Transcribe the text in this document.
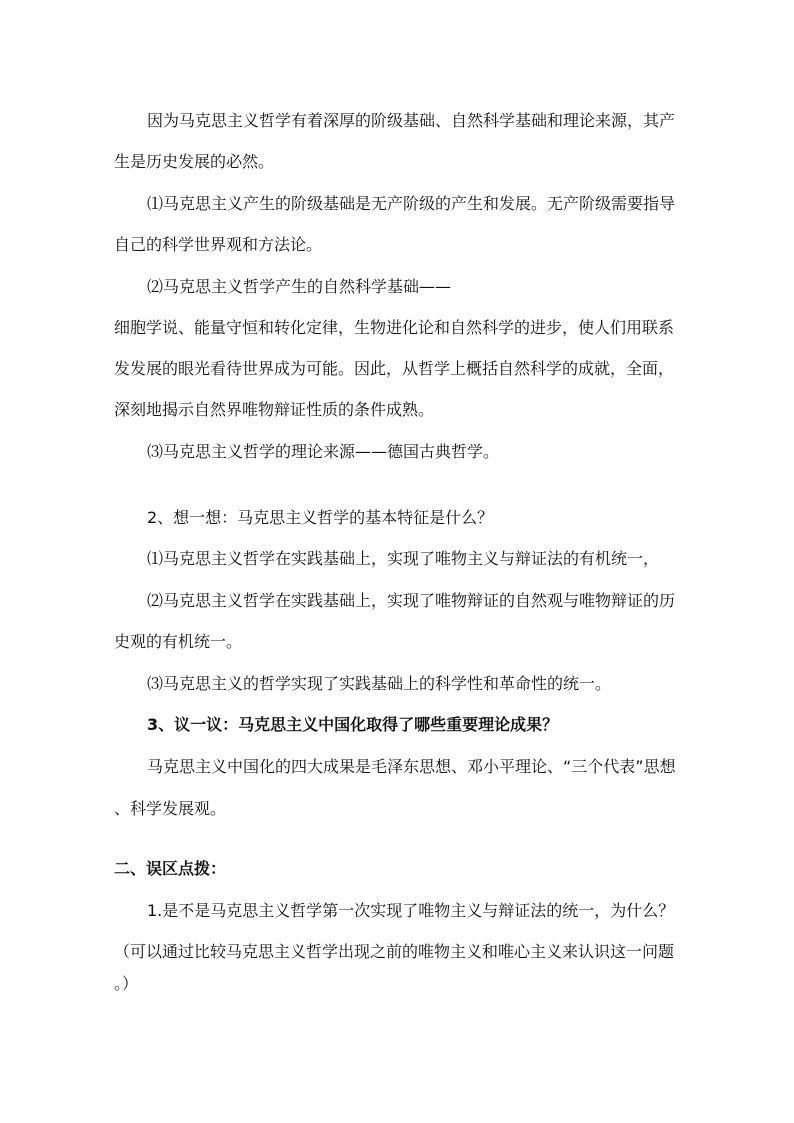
因为马克思主义哲学有着深厚的阶级基础、自然科学基础和理论来源，其产
生是历史发展的必然。
⑴马克思主义产生的阶级基础是无产阶级的产生和发展。无产阶级需要指导
自己的科学世界观和方法论。
⑵马克思主义哲学产生的自然科学基础——
细胞学说、能量守恒和转化定律，生物进化论和自然科学的进步，使人们用联系
发发展的眼光看待世界成为可能。因此，从哲学上概括自然科学的成就，全面，
深刻地揭示自然界唯物辩证性质的条件成熟。
⑶马克思主义哲学的理论来源——德国古典哲学。
2、想一想：马克思主义哲学的基本特征是什么？
⑴马克思主义哲学在实践基础上，实现了唯物主义与辩证法的有机统一，
⑵马克思主义哲学在实践基础上，实现了唯物辩证的自然观与唯物辩证的历
史观的有机统一。
⑶马克思主义的哲学实现了实践基础上的科学性和革命性的统一。
3、议一议：马克思主义中国化取得了哪些重要理论成果？
马克思主义中国化的四大成果是毛泽东思想、邓小平理论、“三个代表”思想
、科学发展观。
二、误区点拨：
1.是不是马克思主义哲学第一次实现了唯物主义与辩证法的统一，为什么？
（可以通过比较马克思主义哲学出现之前的唯物主义和唯心主义来认识这一问题
。）
